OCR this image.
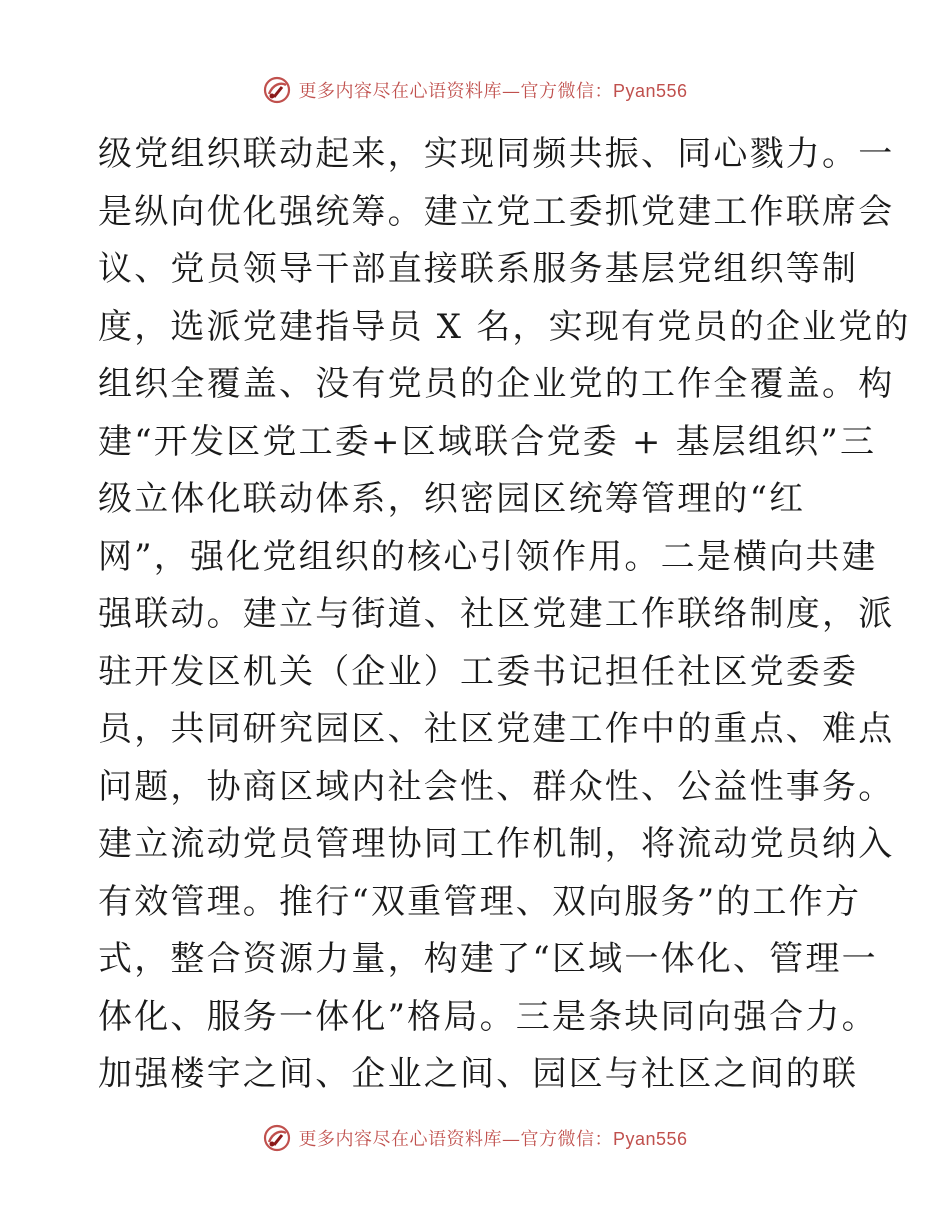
更多内容尽在心语资料库—官方微信：Pyan556
级党组织联动起来，实现同频共振、同心戮力。一
是纵向优化强统筹。建立党工委抓党建工作联席会
议、党员领导干部直接联系服务基层党组织等制
度，选派党建指导员 X 名，实现有党员的企业党的
组织全覆盖、没有党员的企业党的工作全覆盖。构
建“开发区党工委+区域联合党委 + 基层组织”三
级立体化联动体系，织密园区统筹管理的“红
网”，强化党组织的核心引领作用。二是横向共建
强联动。建立与街道、社区党建工作联络制度，派
驻开发区机关（企业）工委书记担任社区党委委
员，共同研究园区、社区党建工作中的重点、难点
问题，协商区域内社会性、群众性、公益性事务。
建立流动党员管理协同工作机制，将流动党员纳入
有效管理。推行“双重管理、双向服务”的工作方
式，整合资源力量，构建了“区域一体化、管理一
体化、服务一体化”格局。三是条块同向强合力。
加强楼宇之间、企业之间、园区与社区之间的联
更多内容尽在心语资料库—官方微信：Pyan556
